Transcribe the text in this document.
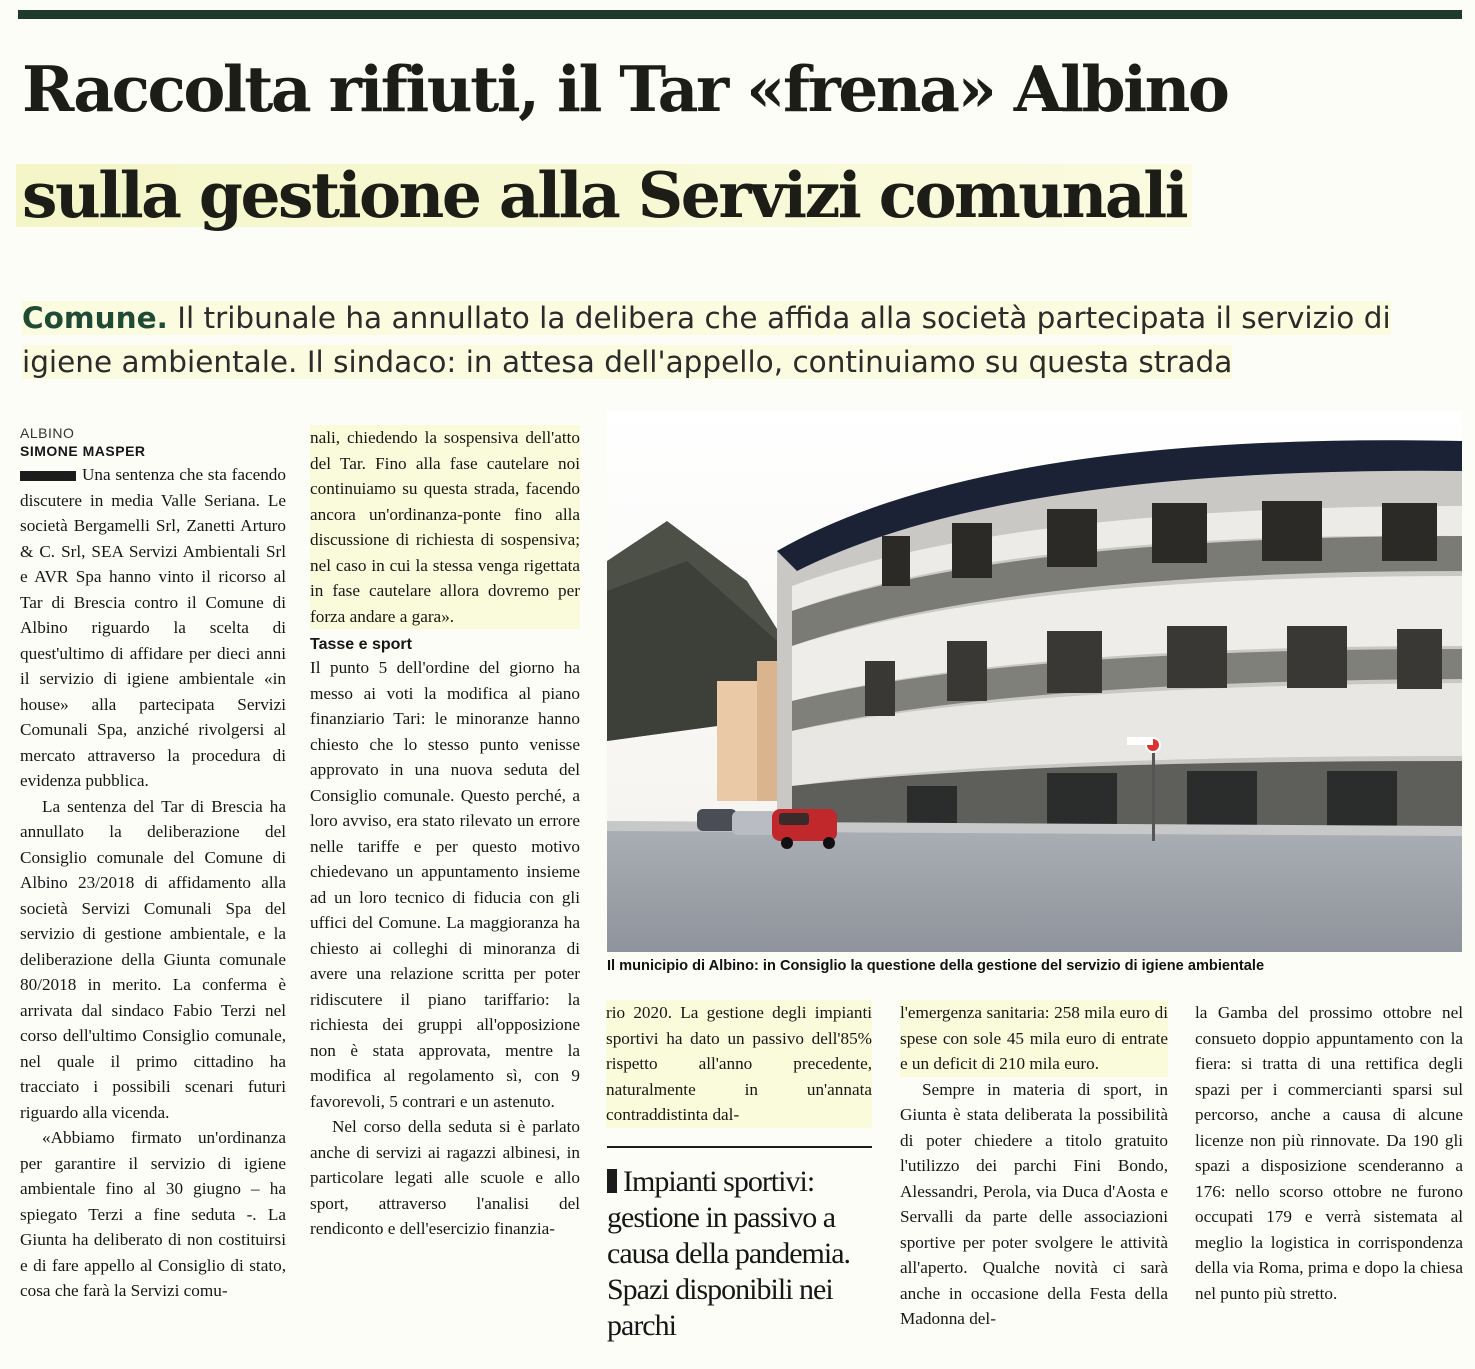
Raccolta rifiuti, il Tar «frena» Albino
sulla gestione alla Servizi comunali
Comune. Il tribunale ha annullato la delibera che affida alla società partecipata il servizio di igiene ambientale. Il sindaco: in attesa dell'appello, continuiamo su questa strada
ALBINO
SIMONE MASPER

Una sentenza che sta facendo discutere in media Valle Seriana. Le società Bergamelli Srl, Zanetti Arturo & C. Srl, SEA Servizi Ambientali Srl e AVR Spa hanno vinto il ricorso al Tar di Brescia contro il Comune di Albino riguardo la scelta di quest'ultimo di affidare per dieci anni il servizio di igiene ambientale «in house» alla partecipata Servizi Comunali Spa, anziché rivolgersi al mercato attraverso la procedura di evidenza pubblica.

La sentenza del Tar di Brescia ha annullato la deliberazione del Consiglio comunale del Comune di Albino 23/2018 di affidamento alla società Servizi Comunali Spa del servizio di gestione ambientale, e la deliberazione della Giunta comunale 80/2018 in merito. La conferma è arrivata dal sindaco Fabio Terzi nel corso dell'ultimo Consiglio comunale, nel quale il primo cittadino ha tracciato i possibili scenari futuri riguardo alla vicenda.

«Abbiamo firmato un'ordinanza per garantire il servizio di igiene ambientale fino al 30 giugno – ha spiegato Terzi a fine seduta -. La Giunta ha deliberato di non costituirsi e di fare appello al Consiglio di stato, cosa che farà la Servizi comu-

nali, chiedendo la sospensiva dell'atto del Tar. Fino alla fase cautelare noi continuiamo su questa strada, facendo ancora un'ordinanza-ponte fino alla discussione di richiesta di sospensiva; nel caso in cui la stessa venga rigettata in fase cautelare allora dovremo per forza andare a gara».

Tasse e sport

Il punto 5 dell'ordine del giorno ha messo ai voti la modifica al piano finanziario Tari: le minoranze hanno chiesto che lo stesso punto venisse approvato in una nuova seduta del Consiglio comunale. Questo perché, a loro avviso, era stato rilevato un errore nelle tariffe e per questo motivo chiedevano un appuntamento insieme ad un loro tecnico di fiducia con gli uffici del Comune. La maggioranza ha chiesto ai colleghi di minoranza di avere una relazione scritta per poter ridiscutere il piano tariffario: la richiesta dei gruppi all'opposizione non è stata approvata, mentre la modifica al regolamento sì, con 9 favorevoli, 5 contrari e un astenuto.

Nel corso della seduta si è parlato anche di servizi ai ragazzi albinesi, in particolare legati alle scuole e allo sport, attraverso l'analisi del rendiconto e dell'esercizio finanzia-

Il municipio di Albino: in Consiglio la questione della gestione del servizio di igiene ambientale

rio 2020. La gestione degli impianti sportivi ha dato un passivo dell'85% rispetto all'anno precedente, naturalmente in un'annata contraddistinta dal-

Impianti sportivi: gestione in passivo a causa della pandemia. Spazi disponibili nei parchi

l'emergenza sanitaria: 258 mila euro di spese con sole 45 mila euro di entrate e un deficit di 210 mila euro.

Sempre in materia di sport, in Giunta è stata deliberata la possibilità di poter chiedere a titolo gratuito l'utilizzo dei parchi Fini Bondo, Alessandri, Perola, via Duca d'Aosta e Servalli da parte delle associazioni sportive per poter svolgere le attività all'aperto. Qualche novità ci sarà anche in occasione della Festa della Madonna del-

la Gamba del prossimo ottobre nel consueto doppio appuntamento con la fiera: si tratta di una rettifica degli spazi per i commercianti sparsi sul percorso, anche a causa di alcune licenze non più rinnovate. Da 190 gli spazi a disposizione scenderanno a 176: nello scorso ottobre ne furono occupati 179 e verrà sistemata al meglio la logistica in corrispondenza della via Roma, prima e dopo la chiesa nel punto più stretto.
